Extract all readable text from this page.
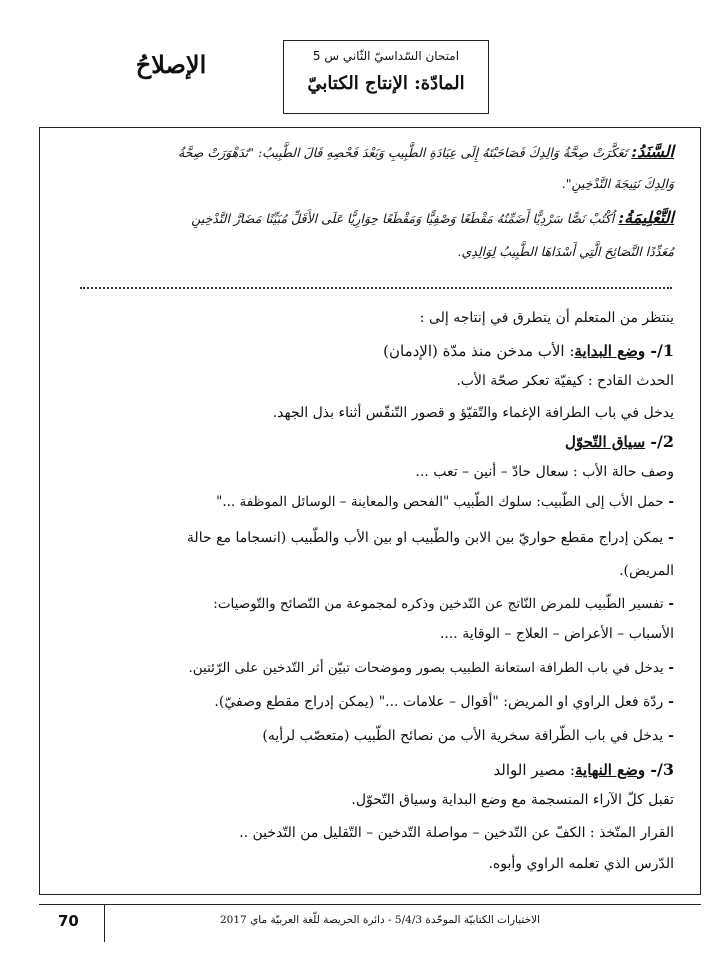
امتحان السّداسيّ الثّاني س 5
المادّة: الإنتاج الكتابيّ
الإصلاحُ
السَّنَدُ: تَعَكَّرَتْ صِحَّةُ وَالِدِكَ فَصَاحَبْتَهُ إِلَى عِيَادَةِ الطَّبِيبِ وَبَعْدَ فَحْصِهِ قَالَ الطَّبِيبُ: "تَدَهْوَرَتْ صِحَّةُ
وَالِدِكَ نَتِيجَةَ التَّدْخِينِ".
التَّعْلِيمَةُ: اُكْتُبْ نَصًّا سَرْدِيًّا أَضَمِّنُهُ مَقْطَعًا وَصْفِيًّا وَمَقْطَعًا حِوَارِيًّا عَلَى الأَقَلِّ مُبَيِّنًا مَضَارَّ التَّدْخِينِ
مُعَدِّدًا النَّصَائِحَ الَّتِي أَسْدَاهَا الطَّبِيبُ لِوَالِدِي.
ينتظر من المتعلم أن يتطرق في إنتاجه إلى :
1/- وضع البداية: الأب مدخن منذ مدّة (الإدمان)
الحدث القادح : كيفيّة تعكر صحّة الأب.
يدخل في باب الطرافة الإغماء والتّقيّؤ و قصور التّنفّس أثناء بذل الجهد.
2/- سياق التّحوّل
وصف حالة الأب : سعال حادّ – أنين – تعب ...
- حمل الأب إلى الطّبيب: سلوك الطّبيب "الفحص والمعاينة – الوسائل الموظفة ..."
- يمكن إدراج مقطع حواريّ بين الابن والطّبيب او بين الأب والطّبيب (انسجاما مع حالة
المريض).
- تفسير الطّبيب للمرض النّاتج عن التّدخين وذكره لمجموعة من النّصائح والتّوصيات:
الأسباب – الأعراض – العلاج – الوقاية ....
- يدخل في باب الطرافة استعانة الطبيب بصور وموضحات تبيّن أثر التّدخين على الرّئتين.
- ردّة فعل الراوي او المريض: "أقوال – علامات ..." (يمكن إدراج مقطع وصفيّ).
- يدخل في باب الطّرافة سخرية الأب من نصائح الطّبيب (متعصّب لرأيه)
3/- وضع النهاية: مصير الوالد
تقبل كلّ الآراء المنسجمة مع وضع البداية وسياق التّحوّل.
القرار المتّخذ : الكفّ عن التّدخين – مواصلة التّدخين – التّقليل من التّدخين ..
الدّرس الذي تعلمه الراوي وأبوه.
70	الاختبارات الكتابيّة الموحّدة 5/4/3 - دائرة الحريصة للّغة العربيّة ماي 2017
